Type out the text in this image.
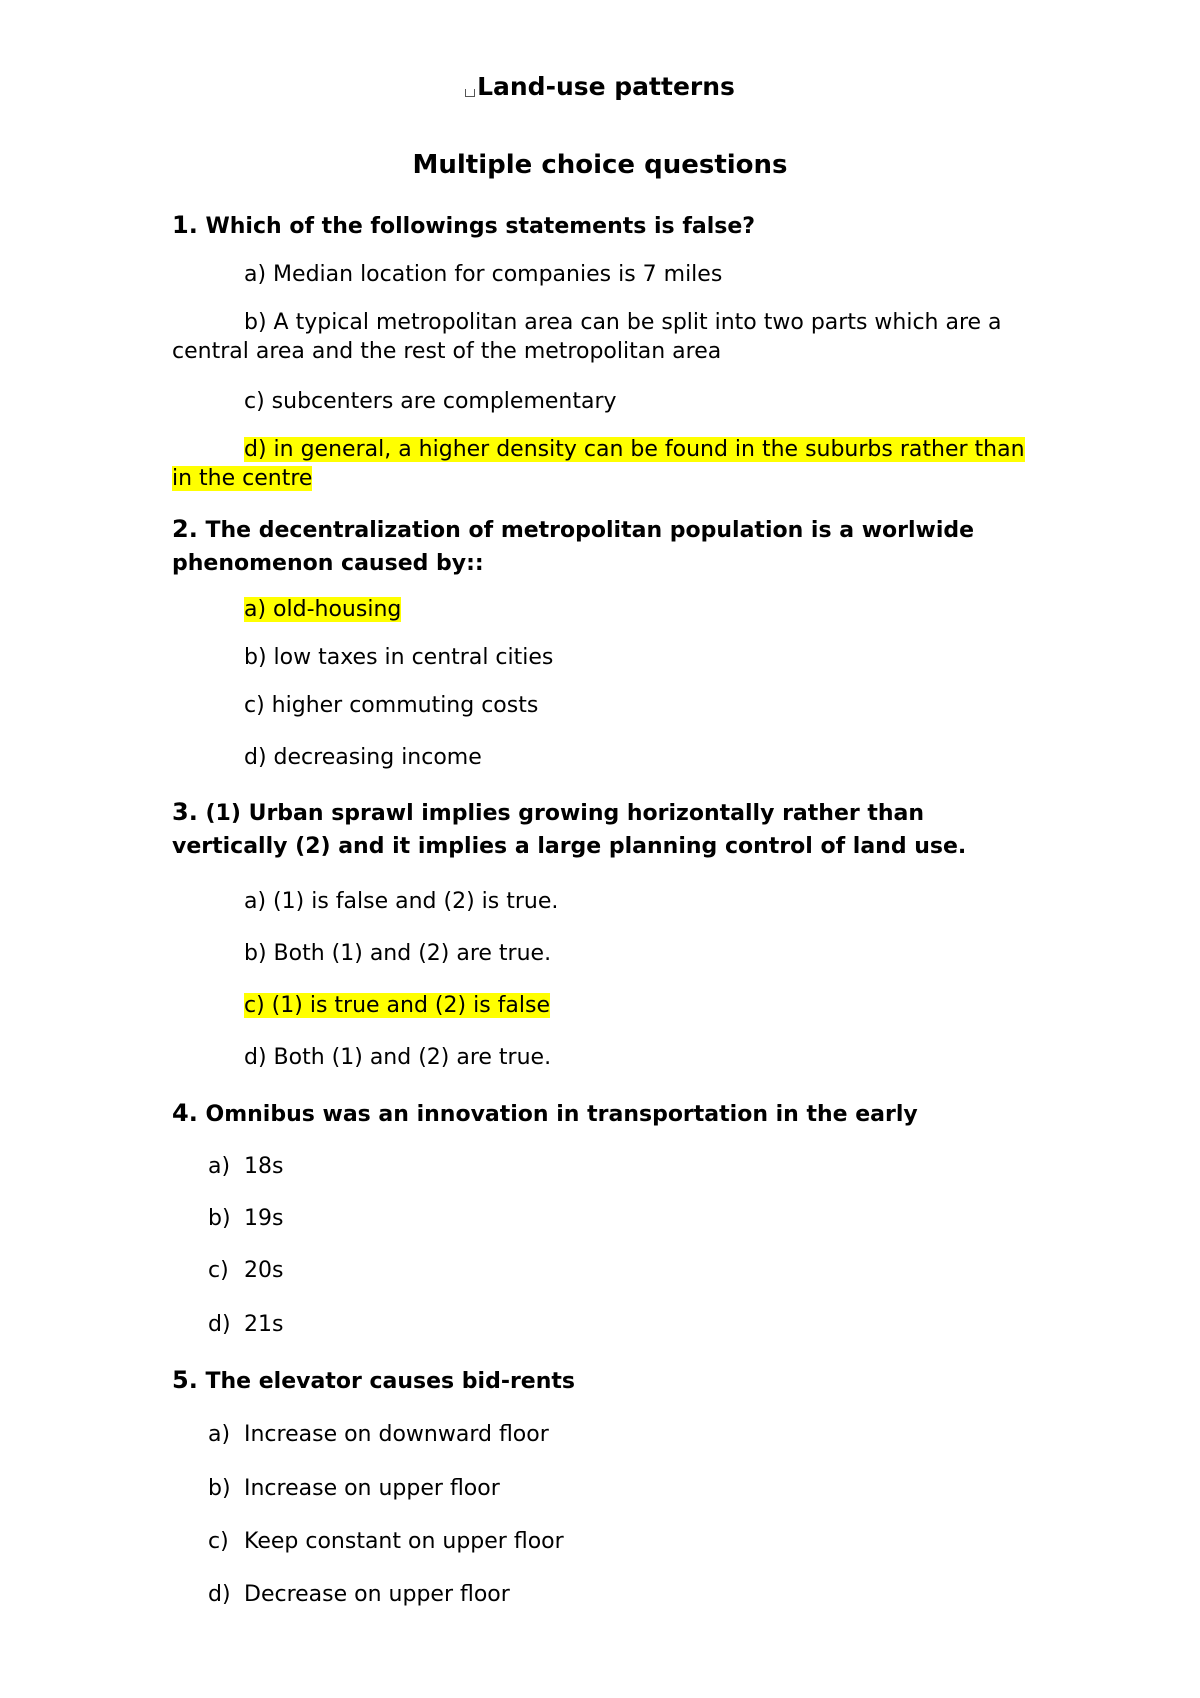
Land-use patterns
Multiple choice questions
1. Which of the followings statements is false?
a) Median location for companies is 7 miles
b) A typical metropolitan area can be split into two parts which are a central area and the rest of the metropolitan area
c) subcenters are complementary
d) in general, a higher density can be found in the suburbs rather than in the centre
2. The decentralization of metropolitan population is a worlwide phenomenon caused by::
a) old-housing
b) low taxes in central cities
c) higher commuting costs
d) decreasing income
3. (1) Urban sprawl implies growing horizontally rather than vertically (2) and it implies a large planning control of land use.
a) (1) is false and (2) is true.
b) Both (1) and (2) are true.
c) (1) is true and (2) is false
d) Both (1) and (2) are true.
4. Omnibus was an innovation in transportation in the early
a) 18s
b) 19s
c) 20s
d) 21s
5. The elevator causes bid-rents
a) Increase on downward floor
b) Increase on upper floor
c) Keep constant on upper floor
d) Decrease on upper floor
